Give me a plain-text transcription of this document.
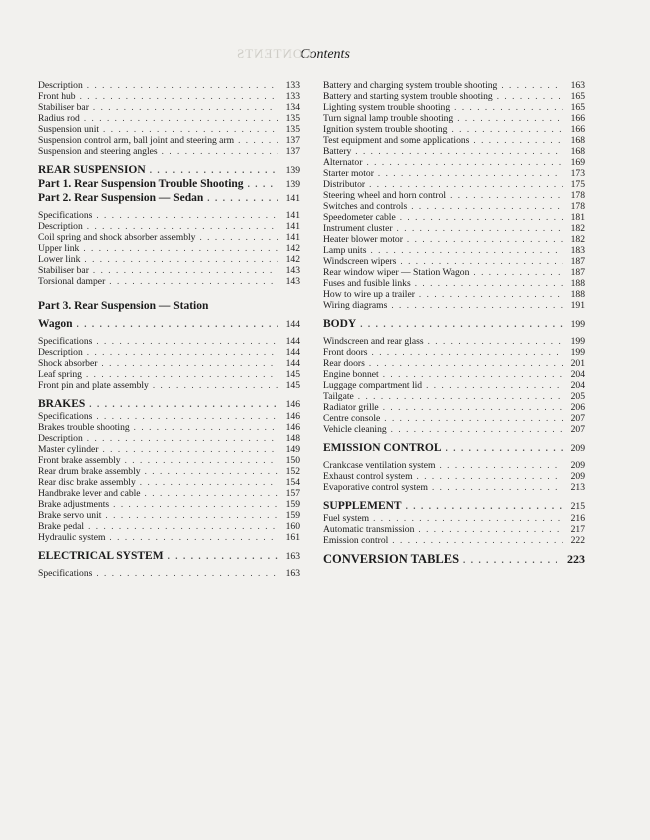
Contents
CONTENTS
Description . . .	133
Front hub . . .	133
Stabiliser bar . . .	134
Radius rod . . .	135
Suspension unit . . .	135
Suspension control arm, ball joint and steering arm . . .	137
Suspension and steering angles . . .	137
REAR SUSPENSION . . .	139
Part 1. Rear Suspension Trouble Shooting . . .	139
Part 2. Rear Suspension — Sedan . . .	141
Specifications . . .	141
Description . . .	141
Coil spring and shock absorber assembly . . .	141
Upper link . . .	142
Lower link . . .	142
Stabiliser bar . . .	143
Torsional damper . . .	143
Part 3. Rear Suspension — Station
Wagon . . .	144
Specifications . . .	144
Description . . .	144
Shock absorber . . .	144
Leaf spring . . .	145
Front pin and plate assembly . . .	145
BRAKES . . .	146
Specifications . . .	146
Brakes trouble shooting . . .	146
Description . . .	148
Master cylinder . . .	149
Front brake assembly . . .	150
Rear drum brake assembly . . .	152
Rear disc brake assembly . . .	154
Handbrake lever and cable . . .	157
Brake adjustments . . .	159
Brake servo unit . . .	159
Brake pedal . . .	160
Hydraulic system . . .	161
ELECTRICAL SYSTEM . . .	163
Specifications . . .	163
Battery and charging system trouble shooting . . .	163
Battery and starting system trouble shooting . . .	165
Lighting system trouble shooting . . .	165
Turn signal lamp trouble shooting . . .	166
Ignition system trouble shooting . . .	166
Test equipment and some applications . . .	168
Battery . . .	168
Alternator . . .	169
Starter motor . . .	173
Distributor . . .	175
Steering wheel and horn control . . .	178
Switches and controls . . .	178
Speedometer cable . . .	181
Instrument cluster . . .	182
Heater blower motor . . .	182
Lamp units . . .	183
Windscreen wipers . . .	187
Rear window wiper — Station Wagon . . .	187
Fuses and fusible links . . .	188
How to wire up a trailer . . .	188
Wiring diagrams . . .	191
BODY . . .	199
Windscreen and rear glass . . .	199
Front doors . . .	199
Rear doors . . .	201
Engine bonnet . . .	204
Luggage compartment lid . . .	204
Tailgate . . .	205
Radiator grille . . .	206
Centre console . . .	207
Vehicle cleaning . . .	207
EMISSION CONTROL . . .	209
Crankcase ventilation system . . .	209
Exhaust control system . . .	209
Evaporative control system . . .	213
SUPPLEMENT . . .	215
Fuel system . . .	216
Automatic transmission . . .	217
Emission control . . .	222
CONVERSION TABLES . . .	223
